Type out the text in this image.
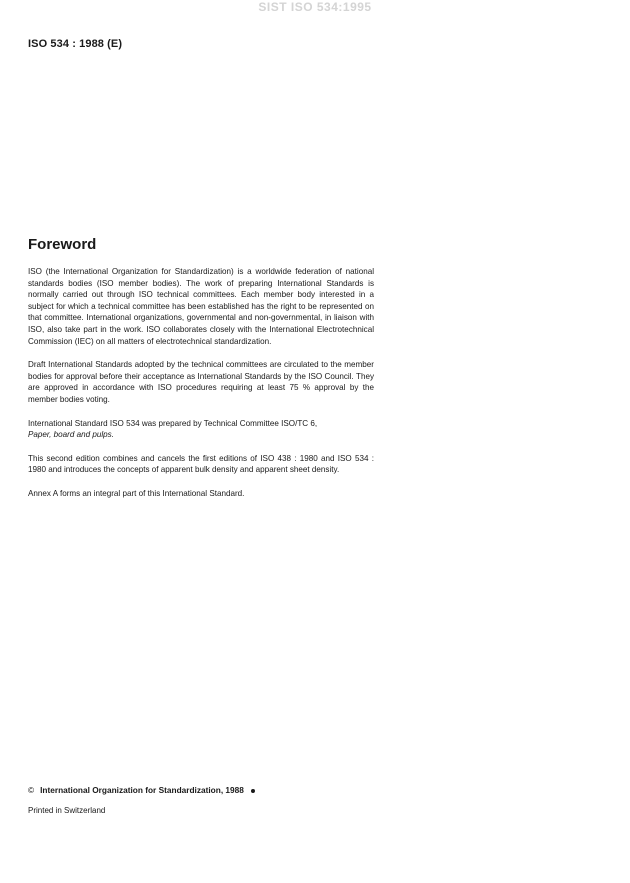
SIST ISO 534:1995
ISO 534 : 1988 (E)
Foreword

ISO (the International Organization for Standardization) is a worldwide federation of national standards bodies (ISO member bodies). The work of preparing International Standards is normally carried out through ISO technical committees. Each member body interested in a subject for which a technical committee has been established has the right to be represented on that committee. International organizations, governmental and non-governmental, in liaison with ISO, also take part in the work. ISO collaborates closely with the International Electrotechnical Commission (IEC) on all matters of electrotechnical standardization.

Draft International Standards adopted by the technical committees are circulated to the member bodies for approval before their acceptance as International Standards by the ISO Council. They are approved in accordance with ISO procedures requiring at least 75 % approval by the member bodies voting.

International Standard ISO 534 was prepared by Technical Committee ISO/TC 6,
Paper, board and pulps.

This second edition combines and cancels the first editions of ISO 438 : 1980 and ISO 534 : 1980 and introduces the concepts of apparent bulk density and apparent sheet density.

Annex A forms an integral part of this International Standard.

© International Organization for Standardization, 1988
Printed in Switzerland
